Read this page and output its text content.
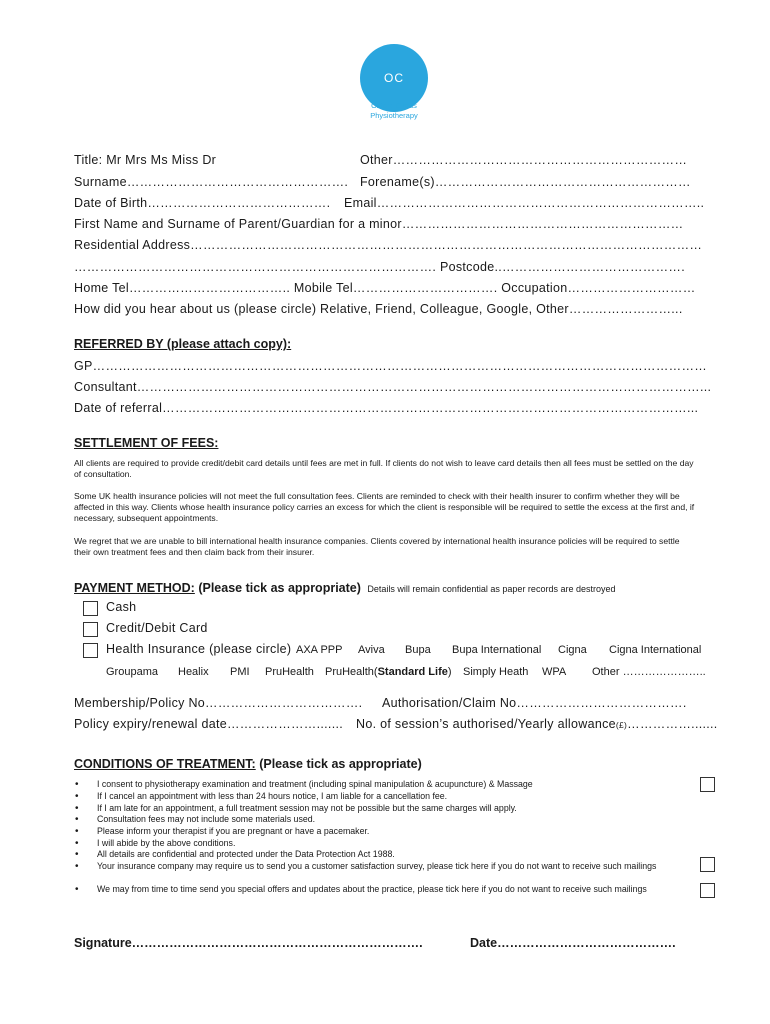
OC
Oxford Circus
Physiotherapy
Title: Mr Mrs Ms Miss Dr	Other……………………………………………………………
Surname……………………………………………. Forename(s)……………………………………………………
Date of Birth……………………………………. Email…………………………………………………………………..
First Name and Surname of Parent/Guardian for a minor…………………………………………………………
Residential Address…………………………………………………………………………………………………………
…………………………………………………………………………. Postcode..…………………………………….
Home Tel……………………………….. Mobile Tel……………………………. Occupation…………………………
How did you hear about us (please circle) Relative, Friend, Colleague, Google, Other……………………...
REFERRED BY (please attach copy):
GP………………………………………………………………………………………………………………………………
Consultant……………………………………………………………………………………………………………………...
Date of referral……………………………………………………………………………………………………………...
SETTLEMENT OF FEES:
All clients are required to provide credit/debit card details until fees are met in full. If clients do not wish to leave card details then all fees must be settled on the day of consultation.
Some UK health insurance policies will not meet the full consultation fees. Clients are reminded to check with their health insurer to confirm whether they will be affected in this way. Clients whose health insurance policy carries an excess for which the client is responsible will be required to settle the excess at the first and, if necessary, subsequent appointments.
We regret that we are unable to bill international health insurance companies. Clients covered by international health insurance policies will be required to settle their own treatment fees and then claim back from their insurer.
PAYMENT METHOD: (Please tick as appropriate) Details will remain confidential as paper records are destroyed
Cash
Credit/Debit Card
Health Insurance (please circle) AXA PPP Aviva Bupa Bupa International Cigna Cigna International
Groupama Healix PMI PruHealth PruHealth(Standard Life) Simply Heath WPA Other …………………..
Membership/Policy No………………………………. Authorisation/Claim No………………………………….
Policy expiry/renewal date…………………....... No. of session’s authorised/Yearly allowance(£)…………….......
CONDITIONS OF TREATMENT: (Please tick as appropriate)
• I consent to physiotherapy examination and treatment (including spinal manipulation & acupuncture) & Massage
• If I cancel an appointment with less than 24 hours notice, I am liable for a cancellation fee.
• If I am late for an appointment, a full treatment session may not be possible but the same charges will apply.
• Consultation fees may not include some materials used.
• Please inform your therapist if you are pregnant or have a pacemaker.
• I will abide by the above conditions.
• All details are confidential and protected under the Data Protection Act 1988.
• Your insurance company may require us to send you a customer satisfaction survey, please tick here if you do not want to receive such mailings
• We may from time to time send you special offers and updates about the practice, please tick here if you do not want to receive such mailings
Signature…………………………………………………………….	Date…………………………………….
